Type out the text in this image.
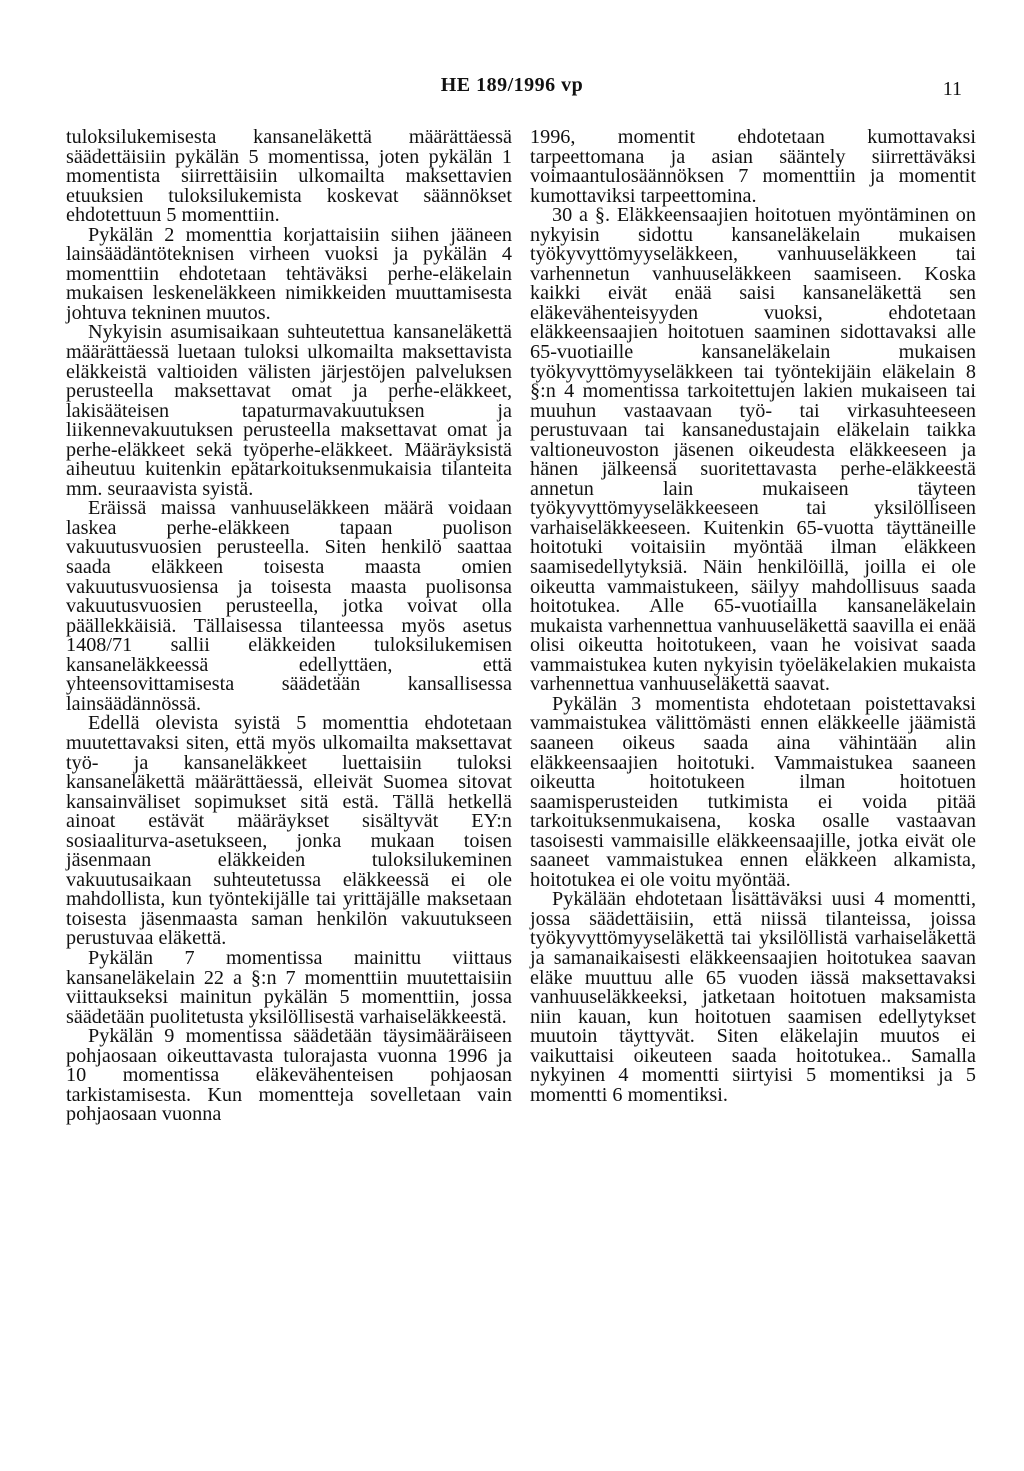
HE 189/1996 vp	11

tuloksilukemisesta kansaneläkettä määrättäessä säädettäisiin pykälän 5 momentissa, joten pykälän 1 momentista siirrettäisiin ulkomailta maksettavien etuuksien tuloksilukemista koskevat säännökset ehdotettuun 5 momenttiin.

Pykälän 2 momenttia korjattaisiin siihen jääneen lainsäädäntöteknisen virheen vuoksi ja pykälän 4 momenttiin ehdotetaan tehtäväksi perhe-eläkelain mukaisen leskeneläkkeen nimikkeiden muuttamisesta johtuva tekninen muutos.

Nykyisin asumisaikaan suhteutettua kansaneläkettä määrättäessä luetaan tuloksi ulkomailta maksettavista eläkkeistä valtioiden välisten järjestöjen palveluksen perusteella maksettavat omat ja perhe-eläkkeet, lakisääteisen tapaturmavakuutuksen ja liikennevakuutuksen perusteella maksettavat omat ja perhe-eläkkeet sekä työperhe-eläkkeet. Määräyksistä aiheutuu kuitenkin epätarkoituksenmukaisia tilanteita mm. seuraavista syistä.

Eräissä maissa vanhuuseläkkeen määrä voidaan laskea perhe-eläkkeen tapaan puolison vakuutusvuosien perusteella. Siten henkilö saattaa saada eläkkeen toisesta maasta omien vakuutusvuosiensa ja toisesta maasta puolisonsa vakuutusvuosien perusteella, jotka voivat olla päällekkäisiä. Tällaisessa tilanteessa myös asetus 1408/71 sallii eläkkeiden tuloksilukemisen kansaneläkkeessä edellyttäen, että yhteensovittamisesta säädetään kansallisessa lainsäädännössä.

Edellä olevista syistä 5 momenttia ehdotetaan muutettavaksi siten, että myös ulkomailta maksettavat työ- ja kansaneläkkeet luettaisiin tuloksi kansaneläkettä määrättäessä, elleivät Suomea sitovat kansainväliset sopimukset sitä estä. Tällä hetkellä ainoat estävät määräykset sisältyvät EY:n sosiaaliturva-asetukseen, jonka mukaan toisen jäsenmaan eläkkeiden tuloksilukeminen vakuutusaikaan suhteutetussa eläkkeessä ei ole mahdollista, kun työntekijälle tai yrittäjälle maksetaan toisesta jäsenmaasta saman henkilön vakuutukseen perustuvaa eläkettä.

Pykälän 7 momentissa mainittu viittaus kansaneläkelain 22 a §:n 7 momenttiin muutettaisiin viittaukseksi mainitun pykälän 5 momenttiin, jossa säädetään puolitetusta yksilöllisestä varhaiseläkkeestä.

Pykälän 9 momentissa säädetään täysimääräiseen pohjaosaan oikeuttavasta tulorajasta vuonna 1996 ja 10 momentissa eläkevähenteisen pohjaosan tarkistamisesta. Kun momentteja sovelletaan vain pohjaosaan vuonna

1996, momentit ehdotetaan kumottavaksi tarpeettomana ja asian sääntely siirrettäväksi voimaantulosäännöksen 7 momenttiin ja momentit kumottaviksi tarpeettomina.

30 a §. Eläkkeensaajien hoitotuen myöntäminen on nykyisin sidottu kansaneläkelain mukaisen työkyvyttömyyseläkkeen, vanhuuseläkkeen tai varhennetun vanhuuseläkkeen saamiseen. Koska kaikki eivät enää saisi kansaneläkettä sen eläkevähenteisyyden vuoksi, ehdotetaan eläkkeensaajien hoitotuen saaminen sidottavaksi alle 65-vuotiaille kansaneläkelain mukaisen työkyvyttömyyseläkkeen tai työntekijäin eläkelain 8 §:n 4 momentissa tarkoitettujen lakien mukaiseen tai muuhun vastaavaan työ- tai virkasuhteeseen perustuvaan tai kansanedustajain eläkelain taikka valtioneuvoston jäsenen oikeudesta eläkkeeseen ja hänen jälkeensä suoritettavasta perhe-eläkkeestä annetun lain mukaiseen täyteen työkyvyttömyyseläkkeeseen tai yksilölliseen varhaiseläkkeeseen. Kuitenkin 65-vuotta täyttäneille hoitotuki voitaisiin myöntää ilman eläkkeen saamisedellytyksiä. Näin henkilöillä, joilla ei ole oikeutta vammaistukeen, säilyy mahdollisuus saada hoitotukea. Alle 65-vuotiailla kansaneläkelain mukaista varhennettua vanhuuseläkettä saavilla ei enää olisi oikeutta hoitotukeen, vaan he voisivat saada vammaistukea kuten nykyisin työeläkelakien mukaista varhennettua vanhuuseläkettä saavat.

Pykälän 3 momentista ehdotetaan poistettavaksi vammaistukea välittömästi ennen eläkkeelle jäämistä saaneen oikeus saada aina vähintään alin eläkkeensaajien hoitotuki. Vammaistukea saaneen oikeutta hoitotukeen ilman hoitotuen saamisperusteiden tutkimista ei voida pitää tarkoituksenmukaisena, koska osalle vastaavan tasoisesti vammaisille eläkkeensaajille, jotka eivät ole saaneet vammaistukea ennen eläkkeen alkamista, hoitotukea ei ole voitu myöntää.

Pykälään ehdotetaan lisättäväksi uusi 4 momentti, jossa säädettäisiin, että niissä tilanteissa, joissa työkyvyttömyyseläkettä tai yksilöllistä varhaiseläkettä ja samanaikaisesti eläkkeensaajien hoitotukea saavan eläke muuttuu alle 65 vuoden iässä maksettavaksi vanhuuseläkkeeksi, jatketaan hoitotuen maksamista niin kauan, kun hoitotuen saamisen edellytykset muutoin täyttyvät. Siten eläkelajin muutos ei vaikuttaisi oikeuteen saada hoitotukea.. Samalla nykyinen 4 momentti siirtyisi 5 momentiksi ja 5 momentti 6 momentiksi.
